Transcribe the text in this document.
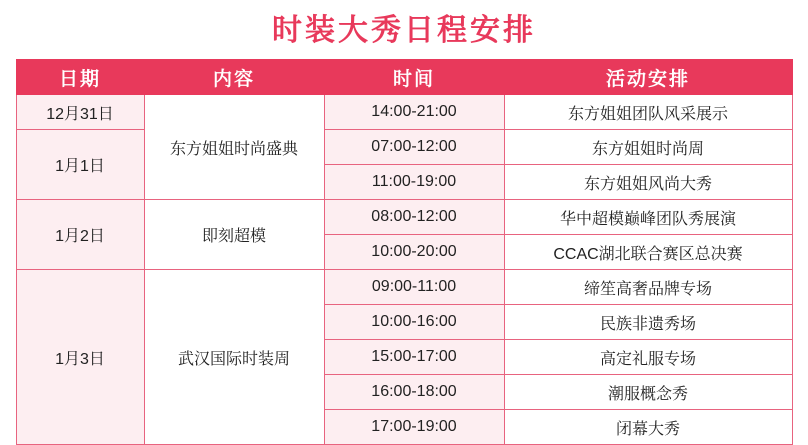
时装大秀日程安排
日期	内容	时间	活动安排
12月31日	东方姐姐时尚盛典	14:00-21:00	东方姐姐团队风采展示
1月1日		07:00-12:00	东方姐姐时尚周
		11:00-19:00	东方姐姐风尚大秀
1月2日	即刻超模	08:00-12:00	华中超模巅峰团队秀展演
		10:00-20:00	CCAC湖北联合赛区总决赛
1月3日	武汉国际时装周	09:00-11:00	缔笙高奢品牌专场
		10:00-16:00	民族非遗秀场
		15:00-17:00	高定礼服专场
		16:00-18:00	潮服概念秀
		17:00-19:00	闭幕大秀
